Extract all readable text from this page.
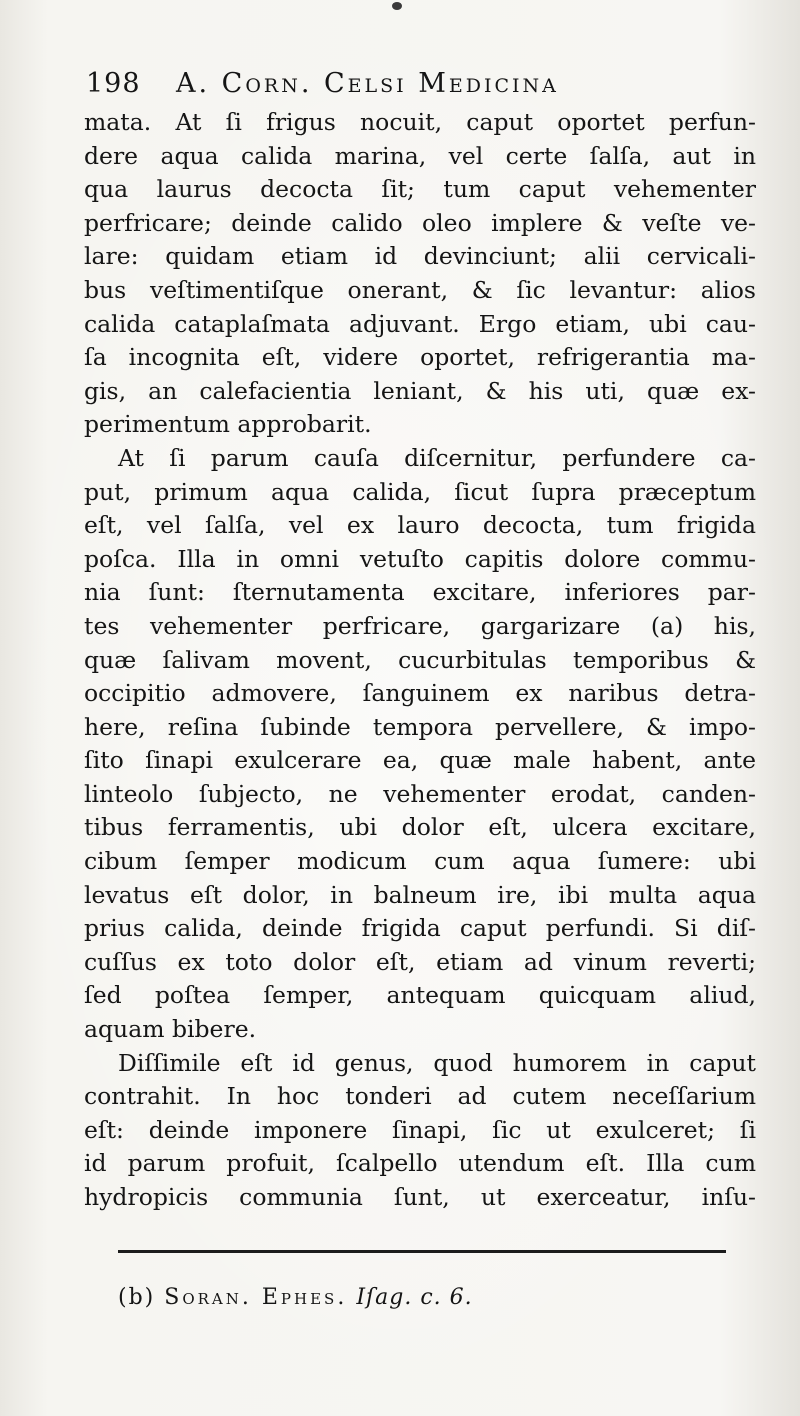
198 A. Corn. Celsi Medicina
mata. At ſi frigus nocuit, caput oportet perfun-
dere aqua calida marina, vel certe ſalſa, aut in
qua laurus decocta ſit; tum caput vehementer
perfricare; deinde calido oleo implere & veſte ve-
lare: quidam etiam id devinciunt; alii cervicali-
bus veſtimentiſque onerant, & ſic levantur: alios
calida cataplaſmata adjuvant. Ergo etiam, ubi cau-
ſa incognita eſt, videre oportet, refrigerantia ma-
gis, an calefacientia leniant, & his uti, quæ ex-
perimentum approbarit.
At ſi parum cauſa diſcernitur, perfundere ca-
put, primum aqua calida, ſicut ſupra præceptum
eſt, vel ſalſa, vel ex lauro decocta, tum frigida
poſca. Illa in omni vetuſto capitis dolore commu-
nia ſunt: ſternutamenta excitare, inferiores par-
tes vehementer perfricare, gargarizare (a) his,
quæ ſalivam movent, cucurbitulas temporibus &
occipitio admovere, ſanguinem ex naribus detra-
here, reſina ſubinde tempora pervellere, & impo-
ſito ſinapi exulcerare ea, quæ male habent, ante
linteolo ſubjecto, ne vehementer erodat, canden-
tibus ferramentis, ubi dolor eſt, ulcera excitare,
cibum ſemper modicum cum aqua ſumere: ubi
levatus eſt dolor, in balneum ire, ibi multa aqua
prius calida, deinde frigida caput perfundi. Si diſ-
cuſſus ex toto dolor eſt, etiam ad vinum reverti;
ſed poſtea ſemper, antequam quicquam aliud,
aquam bibere.
Diſſimile eſt id genus, quod humorem in caput
contrahit. In hoc tonderi ad cutem neceſſarium
eſt: deinde imponere ſinapi, ſic ut exulceret; ſi
id parum profuit, ſcalpello utendum eſt. Illa cum
hydropicis communia ſunt, ut exerceatur, inſu-
(b) Soran. Ephes. Iſag. c. 6.
